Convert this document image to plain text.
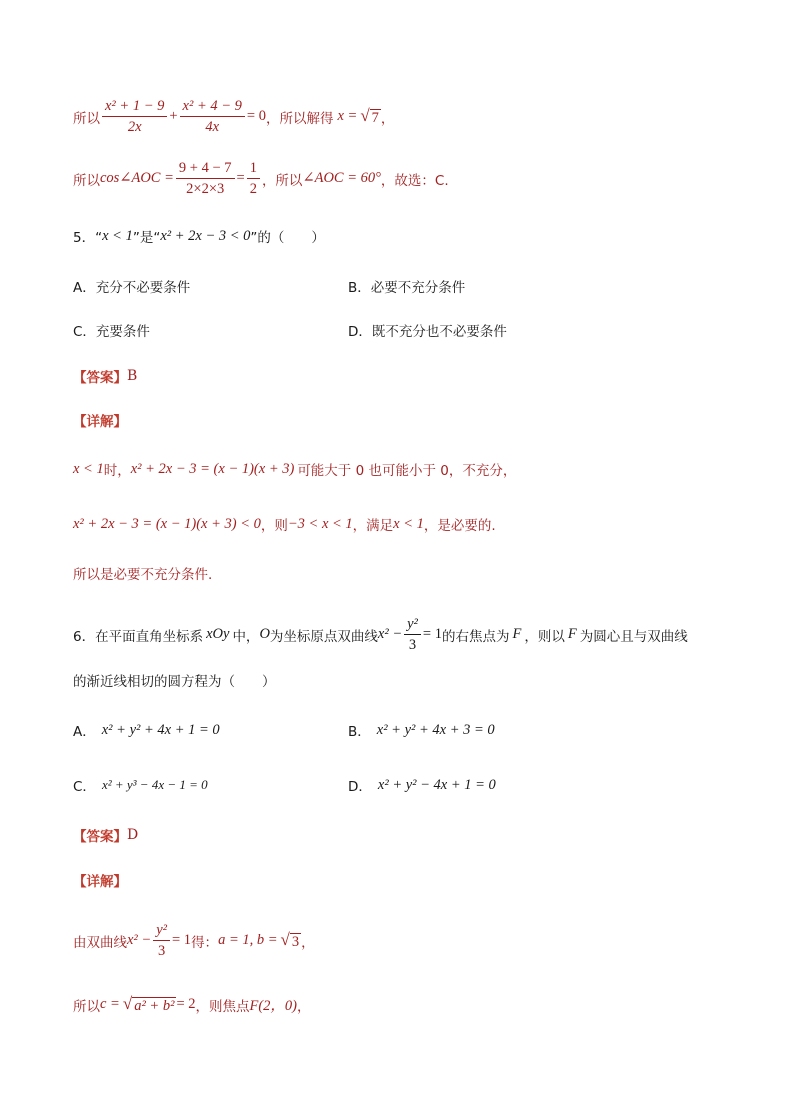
所以 $\frac{\text{x² + 1 − 9}}{2x} + \frac{\text{x² + 4 − 9}}{4x} = 0$ ，所以解得 x = √ 7 ，
所以 cos∠AOC = $\frac{9 + 4 - 7}{2\times 2\times 3} = \frac{1}{2}$ ，所以 ∠AOC = 60° ，故选：C.
5．“ x < 1 ”是“ x² + 2x − 3 < 0 ”的（　　）
A．充分不必要条件	B．必要不充分条件
C．充要条件	D．既不充分也不必要条件
【答案】 B
【详解】
x < 1 时， x² + 2x − 3 = (x − 1)(x + 3) 可能大于 0 也可能小于 0，不充分，
x² + 2x − 3 = (x − 1)(x + 3) < 0 ，则 −3 < x < 1 ，满足 x < 1 ，是必要的.
所以是必要不充分条件.
6．在平面直角坐标系 xOy 中， O 为坐标原点双曲线 $x^2 - \frac{\text{y²}}{3} = 1$ 的右焦点为 F ，则以 F 为圆心且与双曲线
的渐近线相切的圆方程为（　　）
A． x² + y² + 4x + 1 = 0	B． x² + y² + 4x + 3 = 0
C． x² + y³ − 4x − 1 = 0	D． x² + y² − 4x + 1 = 0
【答案】 D
【详解】
由双曲线 $x^2 - \frac{\text{y²}}{3} = 1$ 得： a = 1, b = √ 3 ，
所以 c = √ a² + b² = 2 ，则焦点 F(2，0) ，
